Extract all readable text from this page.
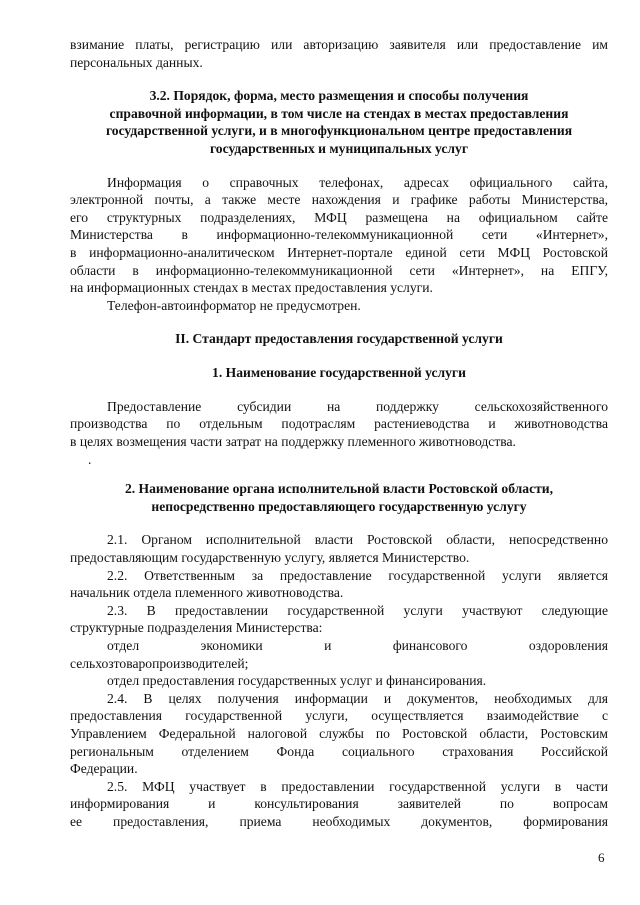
взимание платы, регистрацию или авторизацию заявителя или предоставление им

персональных данных.

3.2. Порядок, форма, место размещения и способы получения

справочной информации, в том числе на стендах в местах предоставления

государственной услуги, и в многофункциональном центре предоставления

государственных и муниципальных услуг

Информация о справочных телефонах, адресах официального сайта,

электронной почты, а также месте нахождения и графике работы Министерства,

его структурных подразделениях, МФЦ размещена на официальном сайте

Министерства в информационно-телекоммуникационной сети «Интернет»,

в информационно-аналитическом Интернет-портале единой сети МФЦ Ростовской

области в информационно-телекоммуникационной сети «Интернет», на ЕПГУ,

на информационных стендах в местах предоставления услуги.

Телефон-автоинформатор не предусмотрен.

II. Стандарт предоставления государственной услуги

1. Наименование государственной услуги

Предоставление субсидии на поддержку сельскохозяйственного

производства по отдельным подотраслям растениеводства и животноводства

в целях возмещения части затрат на поддержку племенного животноводства.

.

2. Наименование органа исполнительной власти Ростовской области,

непосредственно предоставляющего государственную услугу

2.1. Органом исполнительной власти Ростовской области, непосредственно

предоставляющим государственную услугу, является Министерство.

2.2. Ответственным за предоставление государственной услуги является

начальник отдела племенного животноводства.

2.3. В предоставлении государственной услуги участвуют следующие

структурные подразделения Министерства:

отдел экономики и финансового оздоровления

сельхозтоваропроизводителей;

отдел предоставления государственных услуг и финансирования.

2.4. В целях получения информации и документов, необходимых для

предоставления государственной услуги, осуществляется взаимодействие с

Управлением Федеральной налоговой службы по Ростовской области, Ростовским

региональным отделением Фонда социального страхования Российской

Федерации.

2.5. МФЦ участвует в предоставлении государственной услуги в части

информирования и консультирования заявителей по вопросам

ее предоставления, приема необходимых документов, формирования

6
